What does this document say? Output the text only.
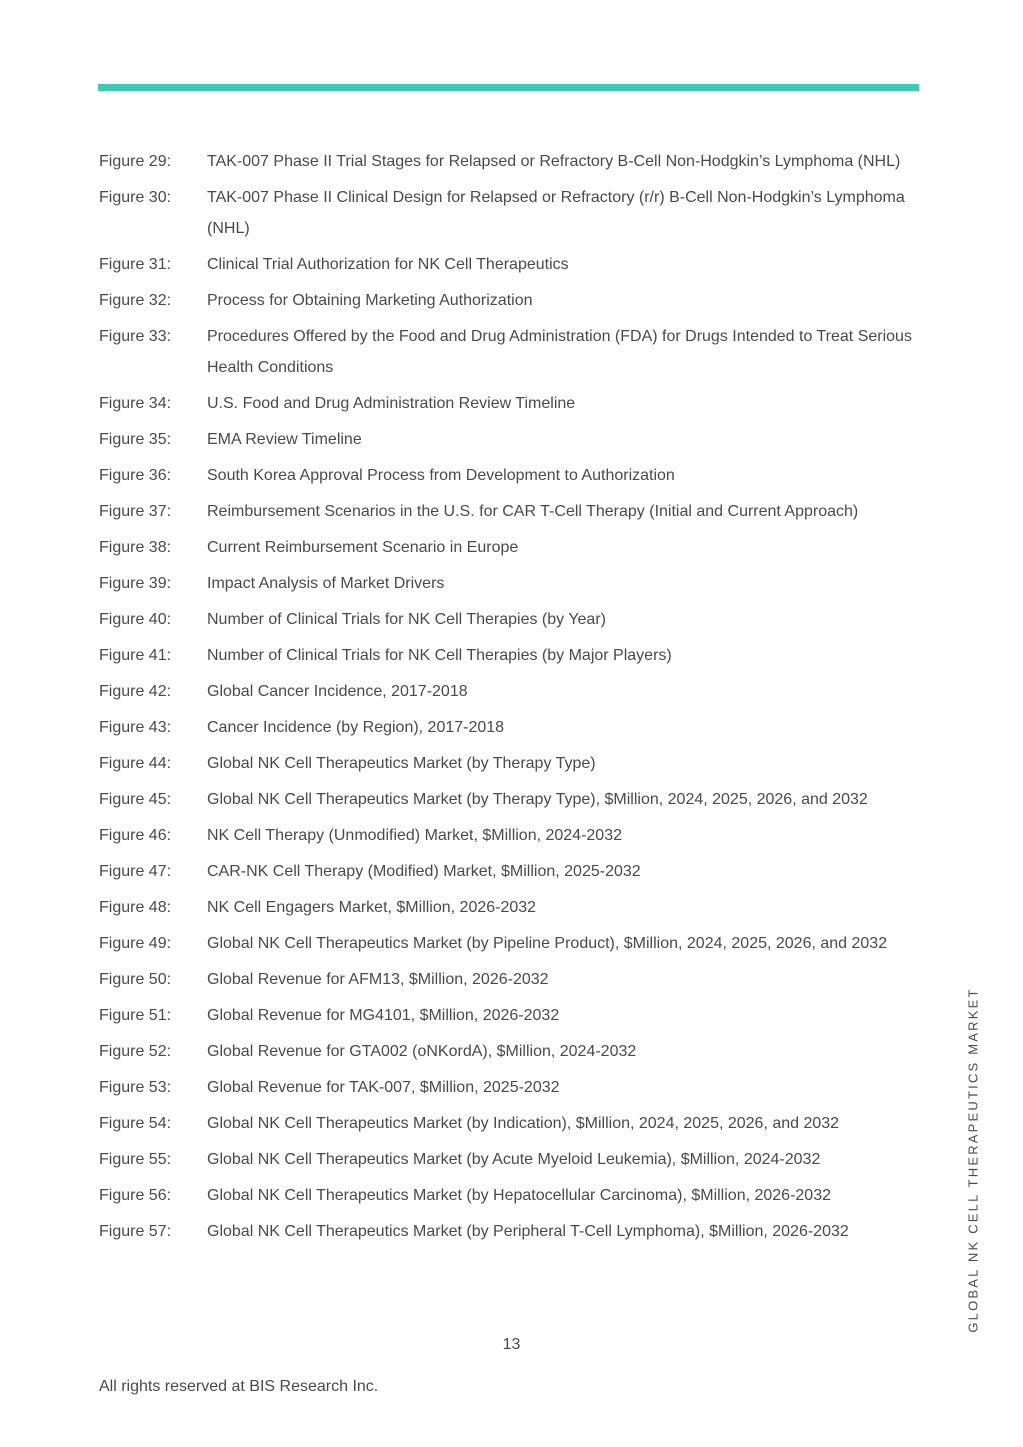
Figure 29:	TAK-007 Phase II Trial Stages for Relapsed or Refractory B-Cell Non-Hodgkin’s Lymphoma (NHL)
Figure 30:	TAK-007 Phase II Clinical Design for Relapsed or Refractory (r/r) B-Cell Non-Hodgkin’s Lymphoma (NHL)
Figure 31:	Clinical Trial Authorization for NK Cell Therapeutics
Figure 32:	Process for Obtaining Marketing Authorization
Figure 33:	Procedures Offered by the Food and Drug Administration (FDA) for Drugs Intended to Treat Serious Health Conditions
Figure 34:	U.S. Food and Drug Administration Review Timeline
Figure 35:	EMA Review Timeline
Figure 36:	South Korea Approval Process from Development to Authorization
Figure 37:	Reimbursement Scenarios in the U.S. for CAR T-Cell Therapy (Initial and Current Approach)
Figure 38:	Current Reimbursement Scenario in Europe
Figure 39:	Impact Analysis of Market Drivers
Figure 40:	Number of Clinical Trials for NK Cell Therapies (by Year)
Figure 41:	Number of Clinical Trials for NK Cell Therapies (by Major Players)
Figure 42:	Global Cancer Incidence, 2017-2018
Figure 43:	Cancer Incidence (by Region), 2017-2018
Figure 44:	Global NK Cell Therapeutics Market (by Therapy Type)
Figure 45:	Global NK Cell Therapeutics Market (by Therapy Type), $Million, 2024, 2025, 2026, and 2032
Figure 46:	NK Cell Therapy (Unmodified) Market, $Million, 2024-2032
Figure 47:	CAR-NK Cell Therapy (Modified) Market, $Million, 2025-2032
Figure 48:	NK Cell Engagers Market, $Million, 2026-2032
Figure 49:	Global NK Cell Therapeutics Market (by Pipeline Product), $Million, 2024, 2025, 2026, and 2032
Figure 50:	Global Revenue for AFM13, $Million, 2026-2032
Figure 51:	Global Revenue for MG4101, $Million, 2026-2032
Figure 52:	Global Revenue for GTA002 (oNKordA), $Million, 2024-2032
Figure 53:	Global Revenue for TAK-007, $Million, 2025-2032
Figure 54:	Global NK Cell Therapeutics Market (by Indication), $Million, 2024, 2025, 2026, and 2032
Figure 55:	Global NK Cell Therapeutics Market (by Acute Myeloid Leukemia), $Million, 2024-2032
Figure 56:	Global NK Cell Therapeutics Market (by Hepatocellular Carcinoma), $Million, 2026-2032
Figure 57:	Global NK Cell Therapeutics Market (by Peripheral T-Cell Lymphoma), $Million, 2026-2032
13
All rights reserved at BIS Research Inc.
GLOBAL NK CELL THERAPEUTICS MARKET
